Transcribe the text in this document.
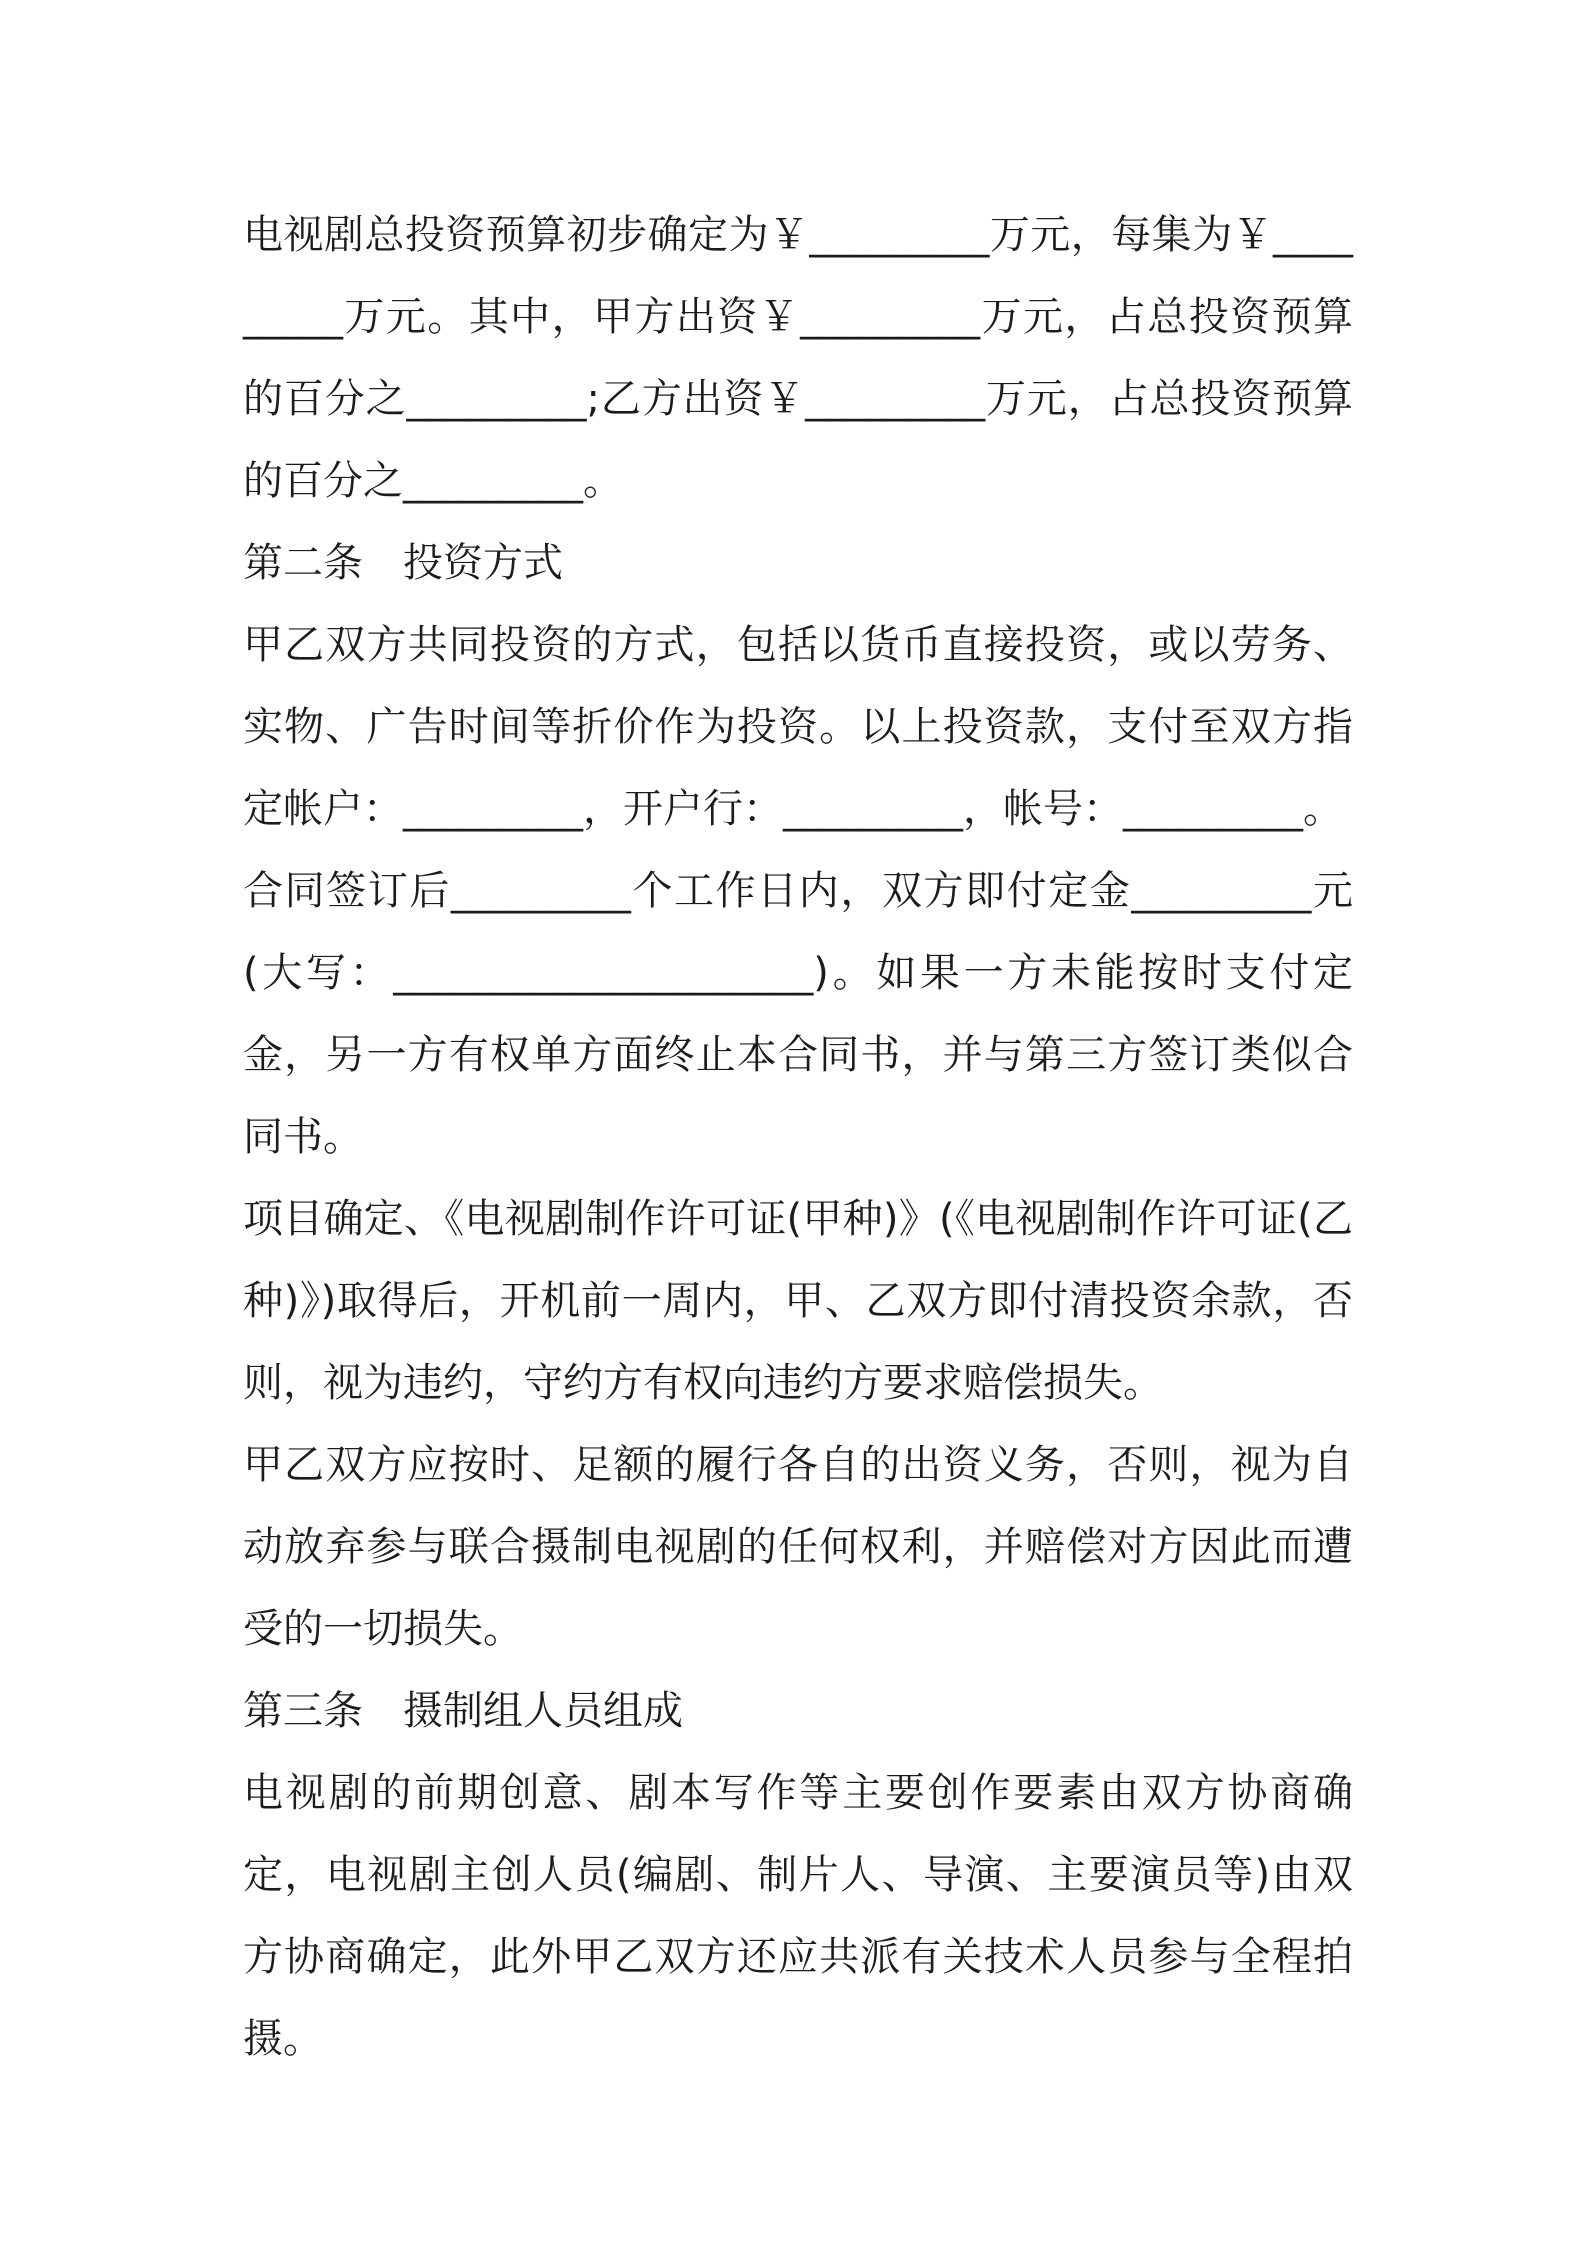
电视剧总投资预算初步确定为￥_________万元，每集为￥_________万元。其中，甲方出资￥_________万元，占总投资预算的百分之_________;乙方出资￥_________万元，占总投资预算的百分之_________。

第二条　投资方式

甲乙双方共同投资的方式，包括以货币直接投资，或以劳务、实物、广告时间等折价作为投资。以上投资款，支付至双方指定帐户：_________，开户行：_________，帐号：_________。

合同签订后_________个工作日内，双方即付定金_________元(大写：_____________________)。如果一方未能按时支付定金，另一方有权单方面终止本合同书，并与第三方签订类似合同书。

项目确定、《电视剧制作许可证(甲种)》(《电视剧制作许可证(乙种)》)取得后，开机前一周内，甲、乙双方即付清投资余款，否则，视为违约，守约方有权向违约方要求赔偿损失。

甲乙双方应按时、足额的履行各自的出资义务，否则，视为自动放弃参与联合摄制电视剧的任何权利，并赔偿对方因此而遭受的一切损失。

第三条　摄制组人员组成

电视剧的前期创意、剧本写作等主要创作要素由双方协商确定，电视剧主创人员(编剧、制片人、导演、主要演员等)由双方协商确定，此外甲乙双方还应共派有关技术人员参与全程拍摄。
